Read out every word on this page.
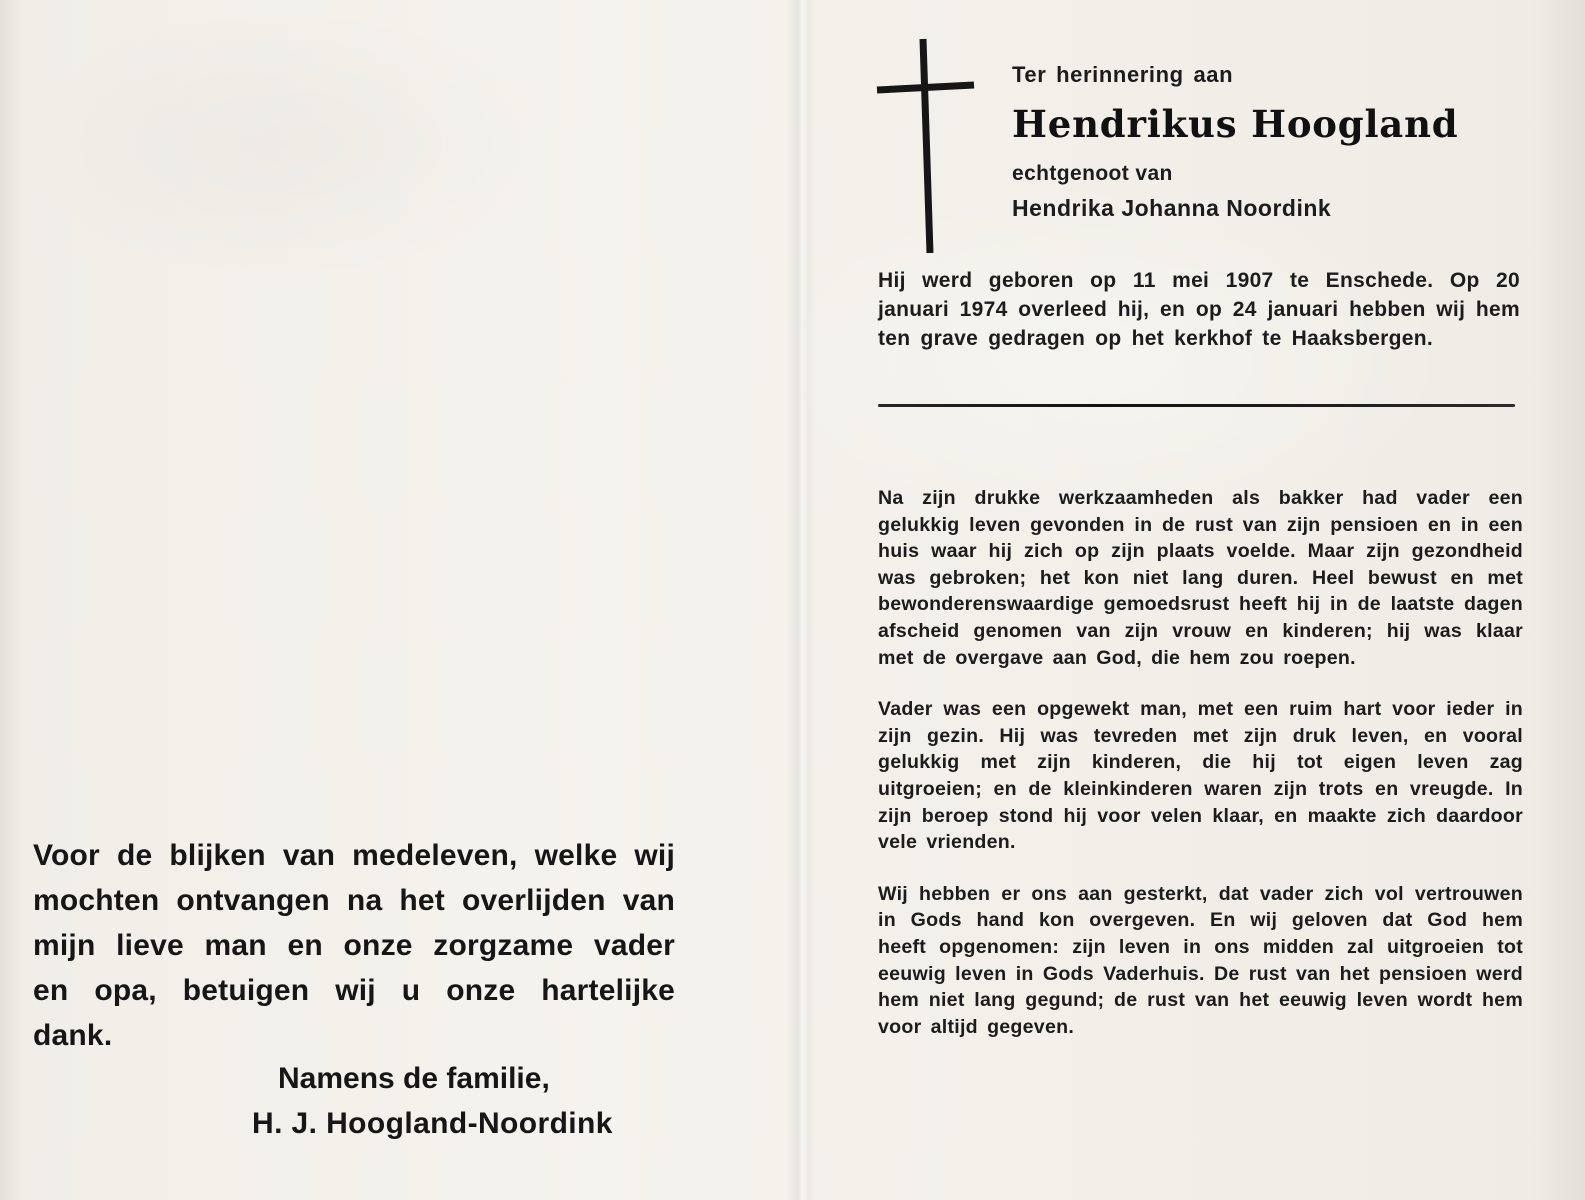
Voor de blijken van medeleven, welke wij mochten ontvangen na het overlijden van mijn lieve man en onze zorgzame vader en opa, betuigen wij u onze hartelijke dank.

Namens de familie,

H. J. Hoogland-Noordink

Ter herinnering aan

Hendrikus Hoogland

echtgenoot van

Hendrika Johanna Noordink

Hij werd geboren op 11 mei 1907 te Enschede. Op 20 januari 1974 overleed hij, en op 24 januari hebben wij hem ten grave gedragen op het kerkhof te Haaksbergen.

Na zijn drukke werkzaamheden als bakker had vader een gelukkig leven gevonden in de rust van zijn pensioen en in een huis waar hij zich op zijn plaats voelde. Maar zijn gezondheid was gebroken; het kon niet lang duren. Heel bewust en met bewonderenswaardige gemoedsrust heeft hij in de laatste dagen afscheid genomen van zijn vrouw en kinderen; hij was klaar met de overgave aan God, die hem zou roepen.

Vader was een opgewekt man, met een ruim hart voor ieder in zijn gezin. Hij was tevreden met zijn druk leven, en vooral gelukkig met zijn kinderen, die hij tot eigen leven zag uitgroeien; en de kleinkinderen waren zijn trots en vreugde. In zijn beroep stond hij voor velen klaar, en maakte zich daardoor vele vrienden.

Wij hebben er ons aan gesterkt, dat vader zich vol vertrouwen in Gods hand kon overgeven. En wij geloven dat God hem heeft opgenomen: zijn leven in ons midden zal uitgroeien tot eeuwig leven in Gods Vaderhuis. De rust van het pensioen werd hem niet lang gegund; de rust van het eeuwig leven wordt hem voor altijd gegeven.
